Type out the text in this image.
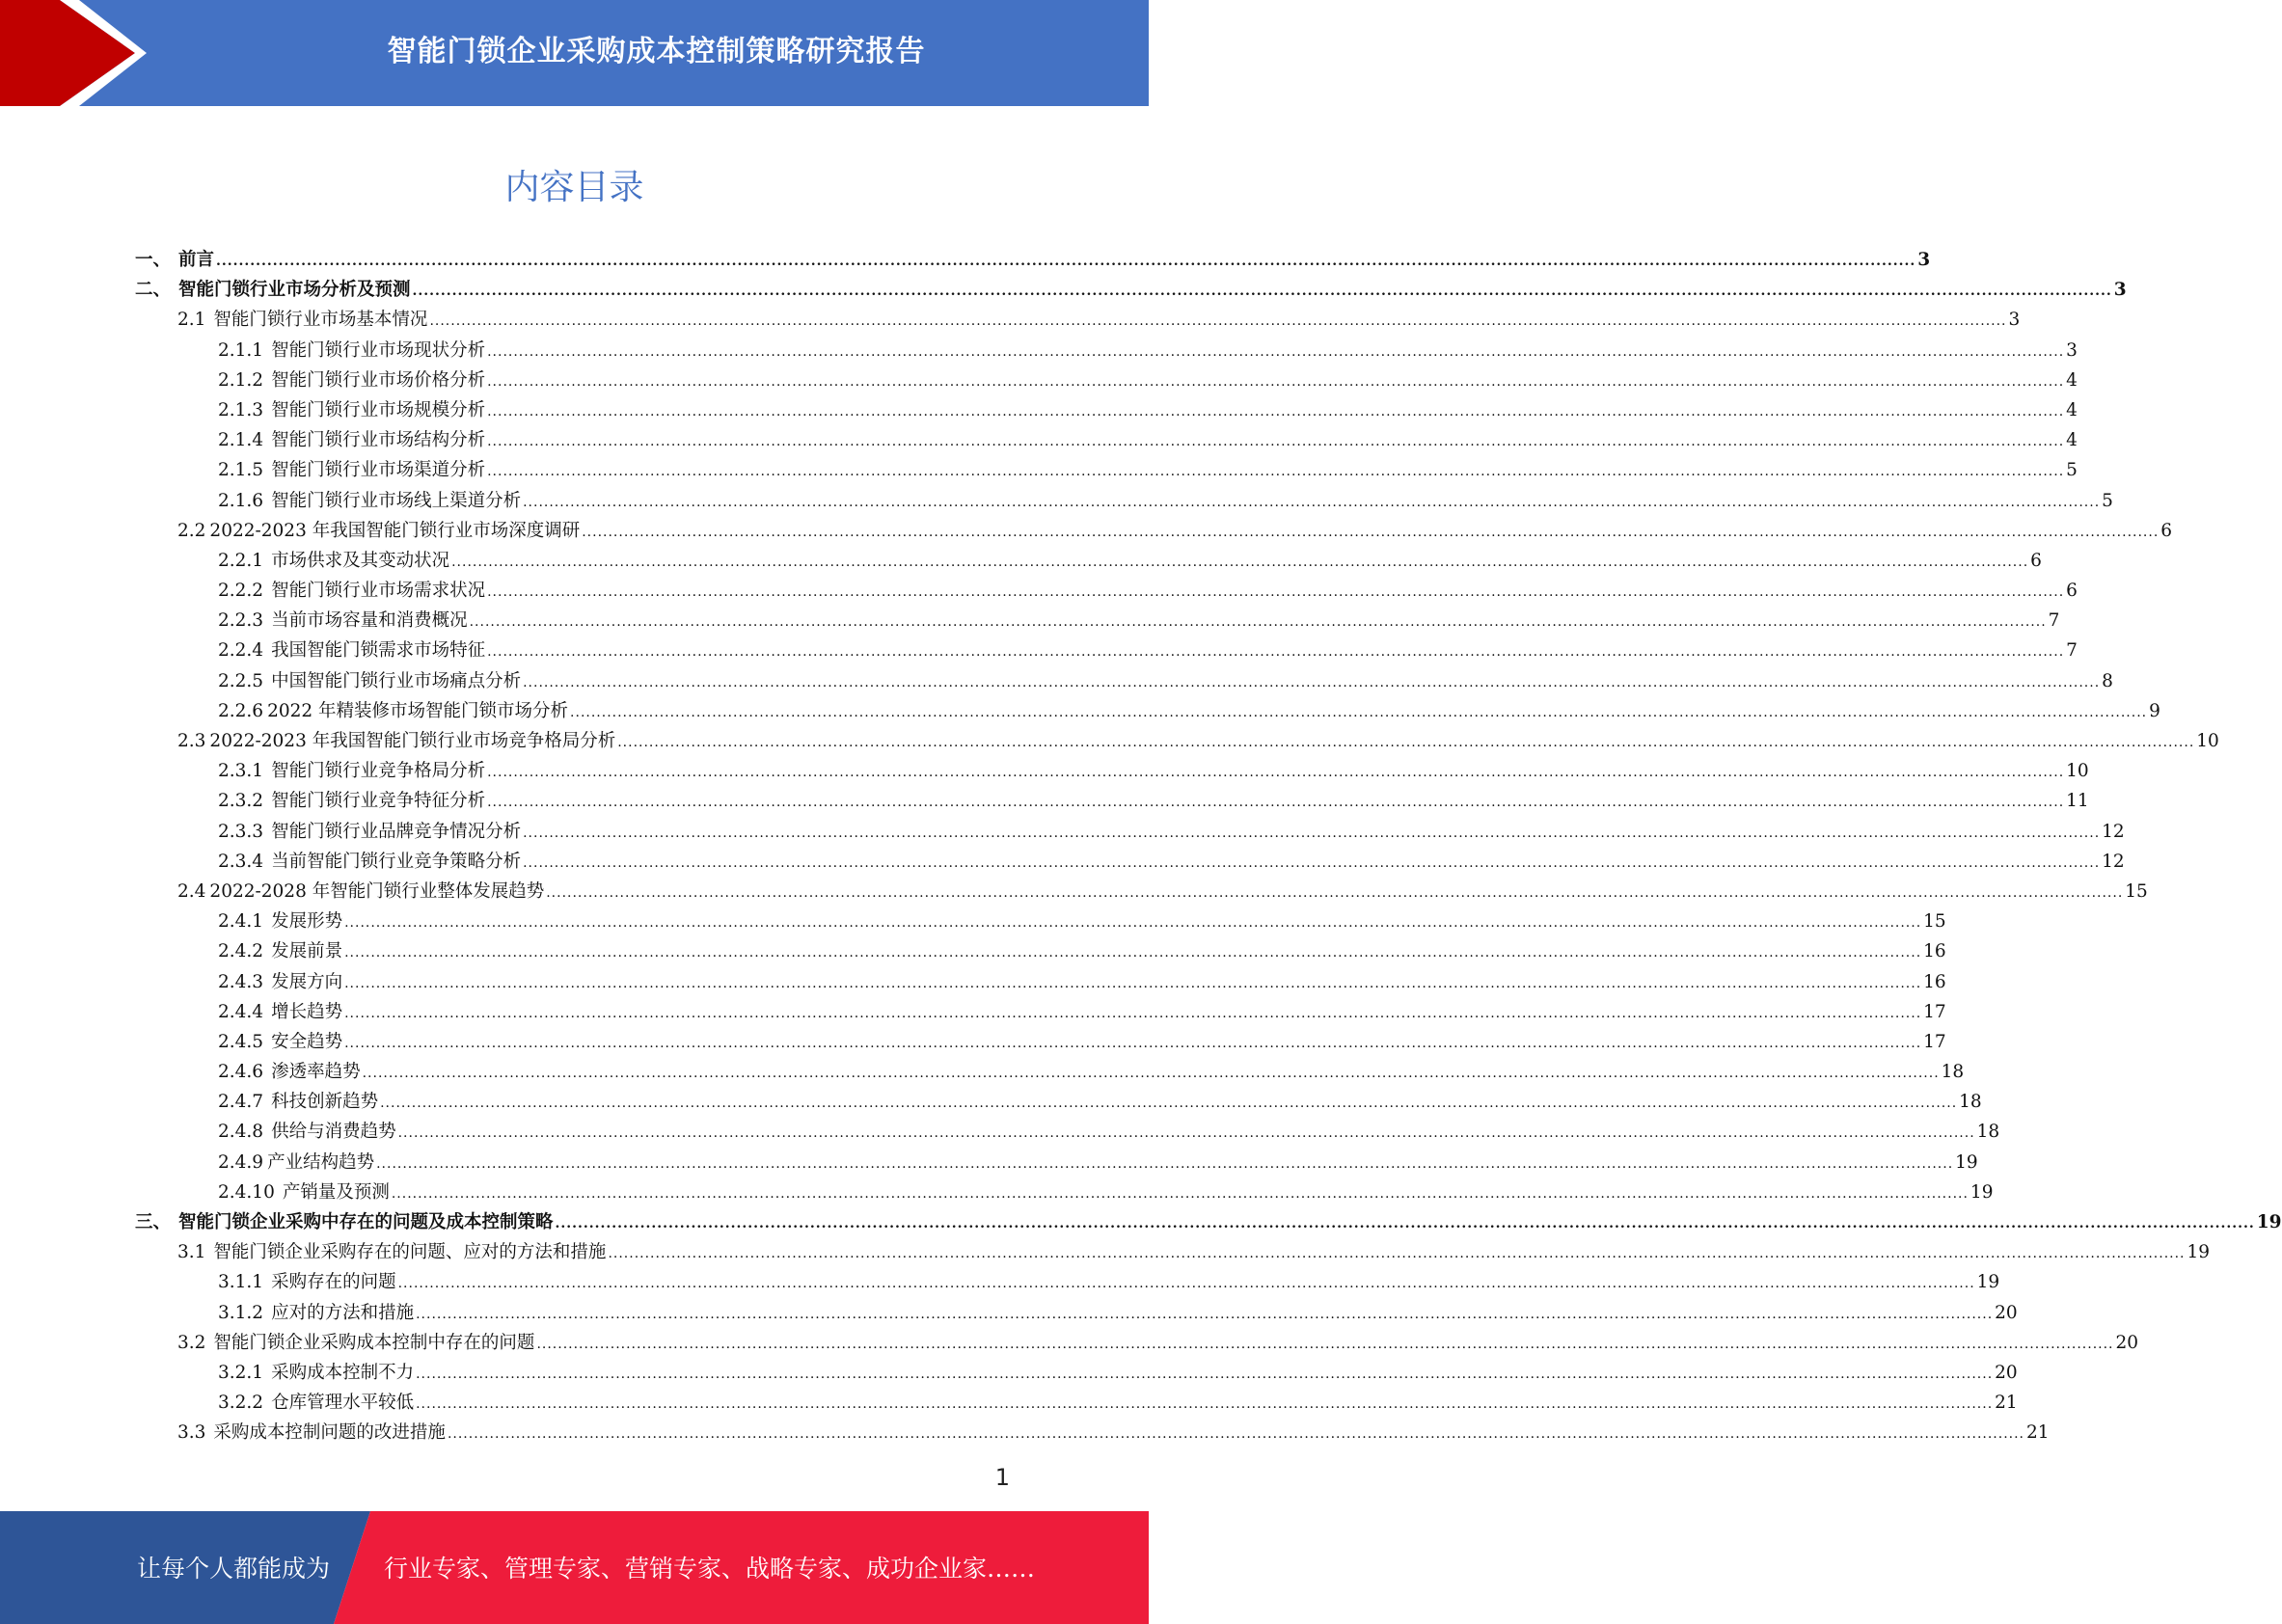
智能门锁企业采购成本控制策略研究报告
内容目录
一、 前言 ............................................................................................................................................................................................................................................................................................................ 3
二、 智能门锁行业市场分析及预测 ............................................................................................................................................................................................................................................................................................................ 3
2.1 智能门锁行业市场基本情况 ............................................................................................................................................................................................................................................................................................................ 3
2.1.1 智能门锁行业市场现状分析 ............................................................................................................................................................................................................................................................................................................ 3
2.1.2 智能门锁行业市场价格分析 ............................................................................................................................................................................................................................................................................................................ 4
2.1.3 智能门锁行业市场规模分析 ............................................................................................................................................................................................................................................................................................................ 4
2.1.4 智能门锁行业市场结构分析 ............................................................................................................................................................................................................................................................................................................ 4
2.1.5 智能门锁行业市场渠道分析 ............................................................................................................................................................................................................................................................................................................ 5
2.1.6 智能门锁行业市场线上渠道分析 ............................................................................................................................................................................................................................................................................................................ 5
2.2 2022-2023 年我国智能门锁行业市场深度调研 ............................................................................................................................................................................................................................................................................................................ 6
2.2.1 市场供求及其变动状况 ............................................................................................................................................................................................................................................................................................................ 6
2.2.2 智能门锁行业市场需求状况 ............................................................................................................................................................................................................................................................................................................ 6
2.2.3 当前市场容量和消费概况 ............................................................................................................................................................................................................................................................................................................ 7
2.2.4 我国智能门锁需求市场特征 ............................................................................................................................................................................................................................................................................................................ 7
2.2.5 中国智能门锁行业市场痛点分析 ............................................................................................................................................................................................................................................................................................................ 8
2.2.6 2022 年精装修市场智能门锁市场分析 ............................................................................................................................................................................................................................................................................................................ 9
2.3 2022-2023 年我国智能门锁行业市场竞争格局分析 ............................................................................................................................................................................................................................................................................................................ 10
2.3.1 智能门锁行业竞争格局分析 ............................................................................................................................................................................................................................................................................................................ 10
2.3.2 智能门锁行业竞争特征分析 ............................................................................................................................................................................................................................................................................................................ 11
2.3.3 智能门锁行业品牌竞争情况分析 ............................................................................................................................................................................................................................................................................................................ 12
2.3.4 当前智能门锁行业竞争策略分析 ............................................................................................................................................................................................................................................................................................................ 12
2.4 2022-2028 年智能门锁行业整体发展趋势 ............................................................................................................................................................................................................................................................................................................ 15
2.4.1 发展形势 ............................................................................................................................................................................................................................................................................................................ 15
2.4.2 发展前景 ............................................................................................................................................................................................................................................................................................................ 16
2.4.3 发展方向 ............................................................................................................................................................................................................................................................................................................ 16
2.4.4 增长趋势 ............................................................................................................................................................................................................................................................................................................ 17
2.4.5 安全趋势 ............................................................................................................................................................................................................................................................................................................ 17
2.4.6 渗透率趋势 ............................................................................................................................................................................................................................................................................................................ 18
2.4.7 科技创新趋势 ............................................................................................................................................................................................................................................................................................................ 18
2.4.8 供给与消费趋势 ............................................................................................................................................................................................................................................................................................................ 18
2.4.9 产业结构趋势 ............................................................................................................................................................................................................................................................................................................ 19
2.4.10 产销量及预测 ............................................................................................................................................................................................................................................................................................................ 19
三、 智能门锁企业采购中存在的问题及成本控制策略 ............................................................................................................................................................................................................................................................................................................ 19
3.1 智能门锁企业采购存在的问题、应对的方法和措施 ............................................................................................................................................................................................................................................................................................................ 19
3.1.1 采购存在的问题 ............................................................................................................................................................................................................................................................................................................ 19
3.1.2 应对的方法和措施 ............................................................................................................................................................................................................................................................................................................ 20
3.2 智能门锁企业采购成本控制中存在的问题 ............................................................................................................................................................................................................................................................................................................ 20
3.2.1 采购成本控制不力 ............................................................................................................................................................................................................................................................................................................ 20
3.2.2 仓库管理水平较低 ............................................................................................................................................................................................................................................................................................................ 21
3.3 采购成本控制问题的改进措施 ............................................................................................................................................................................................................................................................................................................ 21
1
让每个人都能成为 行业专家、管理专家、营销专家、战略专家、成功企业家……
